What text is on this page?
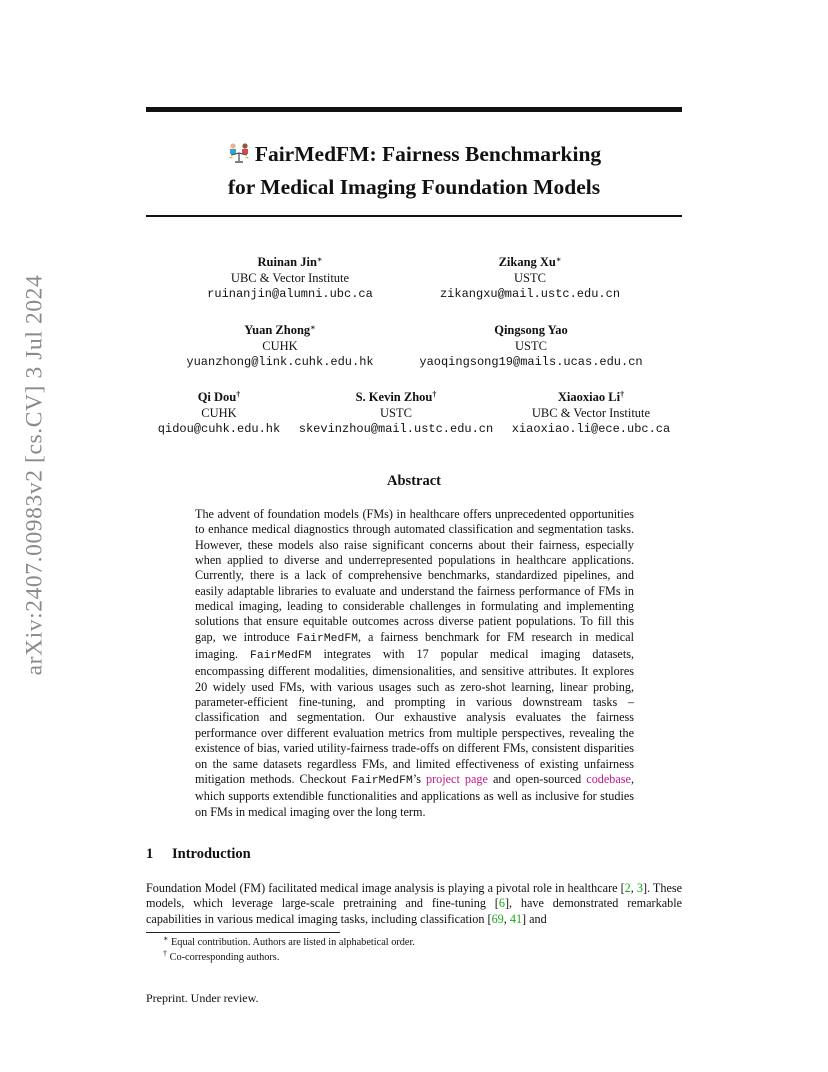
arXiv:2407.00983v2 [cs.CV] 3 Jul 2024
FairMedFM: Fairness Benchmarking
for Medical Imaging Foundation Models
Ruinan Jin∗
UBC & Vector Institute
ruinanjin@alumni.ubc.ca
Zikang Xu∗
USTC
zikangxu@mail.ustc.edu.cn
Yuan Zhong∗
CUHK
yuanzhong@link.cuhk.edu.hk
Qingsong Yao
USTC
yaoqingsong19@mails.ucas.edu.cn
Qi Dou†
CUHK
qidou@cuhk.edu.hk
S. Kevin Zhou†
USTC
skevinzhou@mail.ustc.edu.cn
Xiaoxiao Li†
UBC & Vector Institute
xiaoxiao.li@ece.ubc.ca
Abstract
The advent of foundation models (FMs) in healthcare offers unprecedented opportunities to enhance medical diagnostics through automated classification and segmentation tasks. However, these models also raise significant concerns about their fairness, especially when applied to diverse and underrepresented populations in healthcare applications. Currently, there is a lack of comprehensive benchmarks, standardized pipelines, and easily adaptable libraries to evaluate and understand the fairness performance of FMs in medical imaging, leading to considerable challenges in formulating and implementing solutions that ensure equitable outcomes across diverse patient populations. To fill this gap, we introduce FairMedFM, a fairness benchmark for FM research in medical imaging. FairMedFM integrates with 17 popular medical imaging datasets, encompassing different modalities, dimensionalities, and sensitive attributes. It explores 20 widely used FMs, with various usages such as zero-shot learning, linear probing, parameter-efficient fine-tuning, and prompting in various downstream tasks – classification and segmentation. Our exhaustive analysis evaluates the fairness performance over different evaluation metrics from multiple perspectives, revealing the existence of bias, varied utility-fairness trade-offs on different FMs, consistent disparities on the same datasets regardless FMs, and limited effectiveness of existing unfairness mitigation methods. Checkout FairMedFM’s project page and open-sourced codebase, which supports extendible functionalities and applications as well as inclusive for studies on FMs in medical imaging over the long term.
1 Introduction
Foundation Model (FM) facilitated medical image analysis is playing a pivotal role in healthcare [2, 3]. These models, which leverage large-scale pretraining and fine-tuning [6], have demonstrated remarkable capabilities in various medical imaging tasks, including classification [69, 41] and
∗ Equal contribution. Authors are listed in alphabetical order.
† Co-corresponding authors.
Preprint. Under review.
